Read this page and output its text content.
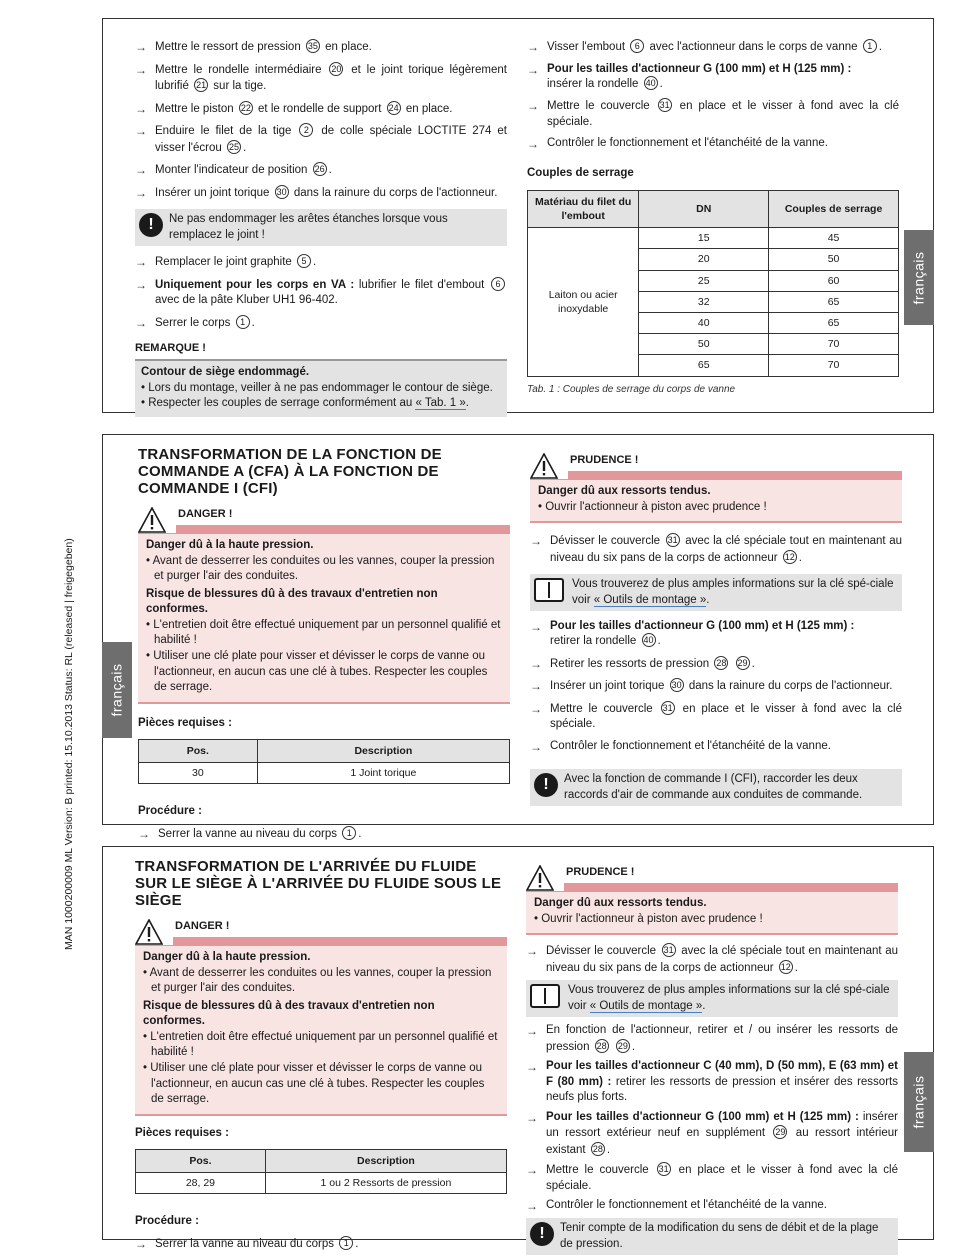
MAN 1000200009 ML Version: B printed: 15.10.2013 Status: RL (released | freigegeben)
→ Mettre le ressort de pression 35 en place.
→ Mettre le rondelle intermédiaire 20 et le joint torique légèrement lubrifié 21 sur la tige.
→ Mettre le piston 22 et le rondelle de support 24 en place.
→ Enduire le filet de la tige 2 de colle spéciale LOCTITE 274 et visser l'écrou 25 .
→ Monter l'indicateur de position 26 .
→ Insérer un joint torique 30 dans la rainure du corps de l'actionneur.
!	Ne pas endommager les arêtes étanches lorsque vous remplacez le joint !
→ Remplacer le joint graphite 5 .
→ Uniquement pour les corps en VA : lubrifier le filet d'embout 6 avec de la pâte Kluber UH1 96-402.
→ Serrer le corps 1 .
REMARQUE !
Contour de siège endommagé.
• Lors du montage, veiller à ne pas endommager le contour de siège.
• Respecter les couples de serrage conformément au « Tab. 1 ».
→ Visser l'embout 6 avec l'actionneur dans le corps de vanne 1 .
→ Pour les tailles d'actionneur G (100 mm) et H (125 mm) :
insérer la rondelle 40 .
→ Mettre le couvercle 31 en place et le visser à fond avec la clé spéciale.
→ Contrôler le fonctionnement et l'étanchéité de la vanne.
Couples de serrage
Matériau du filet du l'embout	DN	Couples de serrage
Laiton ou acier inoxydable	15	45
	20	50
	25	60
	32	65
	40	65
	50	70
	65	70
Tab. 1 : Couples de serrage du corps de vanne
français
TRANSFORMATION DE LA FONCTION DE COMMANDE A (CFA) À LA FONCTION DE COMMANDE I (CFI)
DANGER !
Danger dû à la haute pression.
• Avant de desserrer les conduites ou les vannes, couper la pression et purger l'air des conduites.
Risque de blessures dû à des travaux d'entretien non conformes.
• L'entretien doit être effectué uniquement par un personnel qualifié et habilité !
• Utiliser une clé plate pour visser et dévisser le corps de vanne ou l'actionneur, en aucun cas une clé à tubes. Respecter les couples de serrage.
Pièces requises :
Pos.	Description
30	1 Joint torique
Procédure :
→ Serrer la vanne au niveau du corps 1 .
PRUDENCE !
Danger dû aux ressorts tendus.
• Ouvrir l'actionneur à piston avec prudence !
→ Dévisser le couvercle 31 avec la clé spéciale tout en maintenant au niveau du six pans de la corps de actionneur 12 .
Vous trouverez de plus amples informations sur la clé spé-ciale voir « Outils de montage ».
→ Pour les tailles d'actionneur G (100 mm) et H (125 mm) :
retirer la rondelle 40 .
→ Retirer les ressorts de pression 28 29 .
→ Insérer un joint torique 30 dans la rainure du corps de l'actionneur.
→ Mettre le couvercle 31 en place et le visser à fond avec la clé spéciale.
→ Contrôler le fonctionnement et l'étanchéité de la vanne.
!	Avec la fonction de commande I (CFI), raccorder les deux raccords d'air de commande aux conduites de commande.
français
TRANSFORMATION DE L'ARRIVÉE DU FLUIDE SUR LE SIÈGE À L'ARRIVÉE DU FLUIDE SOUS LE SIÈGE
DANGER !
Danger dû à la haute pression.
• Avant de desserrer les conduites ou les vannes, couper la pression et purger l'air des conduites.
Risque de blessures dû à des travaux d'entretien non conformes.
• L'entretien doit être effectué uniquement par un personnel qualifié et habilité !
• Utiliser une clé plate pour visser et dévisser le corps de vanne ou l'actionneur, en aucun cas une clé à tubes. Respecter les couples de serrage.
Pièces requises :
Pos.	Description
28, 29	1 ou 2 Ressorts de pression
Procédure :
→ Serrer la vanne au niveau du corps 1 .
PRUDENCE !
Danger dû aux ressorts tendus.
• Ouvrir l'actionneur à piston avec prudence !
→ Dévisser le couvercle 31 avec la clé spéciale tout en maintenant au niveau du six pans de la corps de actionneur 12 .
Vous trouverez de plus amples informations sur la clé spé-ciale voir « Outils de montage ».
→ En fonction de l'actionneur, retirer et / ou insérer les ressorts de pression 28 29 .
→ Pour les tailles d'actionneur C (40 mm), D (50 mm), E (63 mm) et F (80 mm) : retirer les ressorts de pression et insérer des ressorts neufs plus forts.
→ Pour les tailles d'actionneur G (100 mm) et H (125 mm) : insérer un ressort extérieur neuf en supplément 29 au ressort intérieur existant 28 .
→ Mettre le couvercle 31 en place et le visser à fond avec la clé spéciale.
→ Contrôler le fonctionnement et l'étanchéité de la vanne.
!	Tenir compte de la modification du sens de débit et de la plage de pression.
français
